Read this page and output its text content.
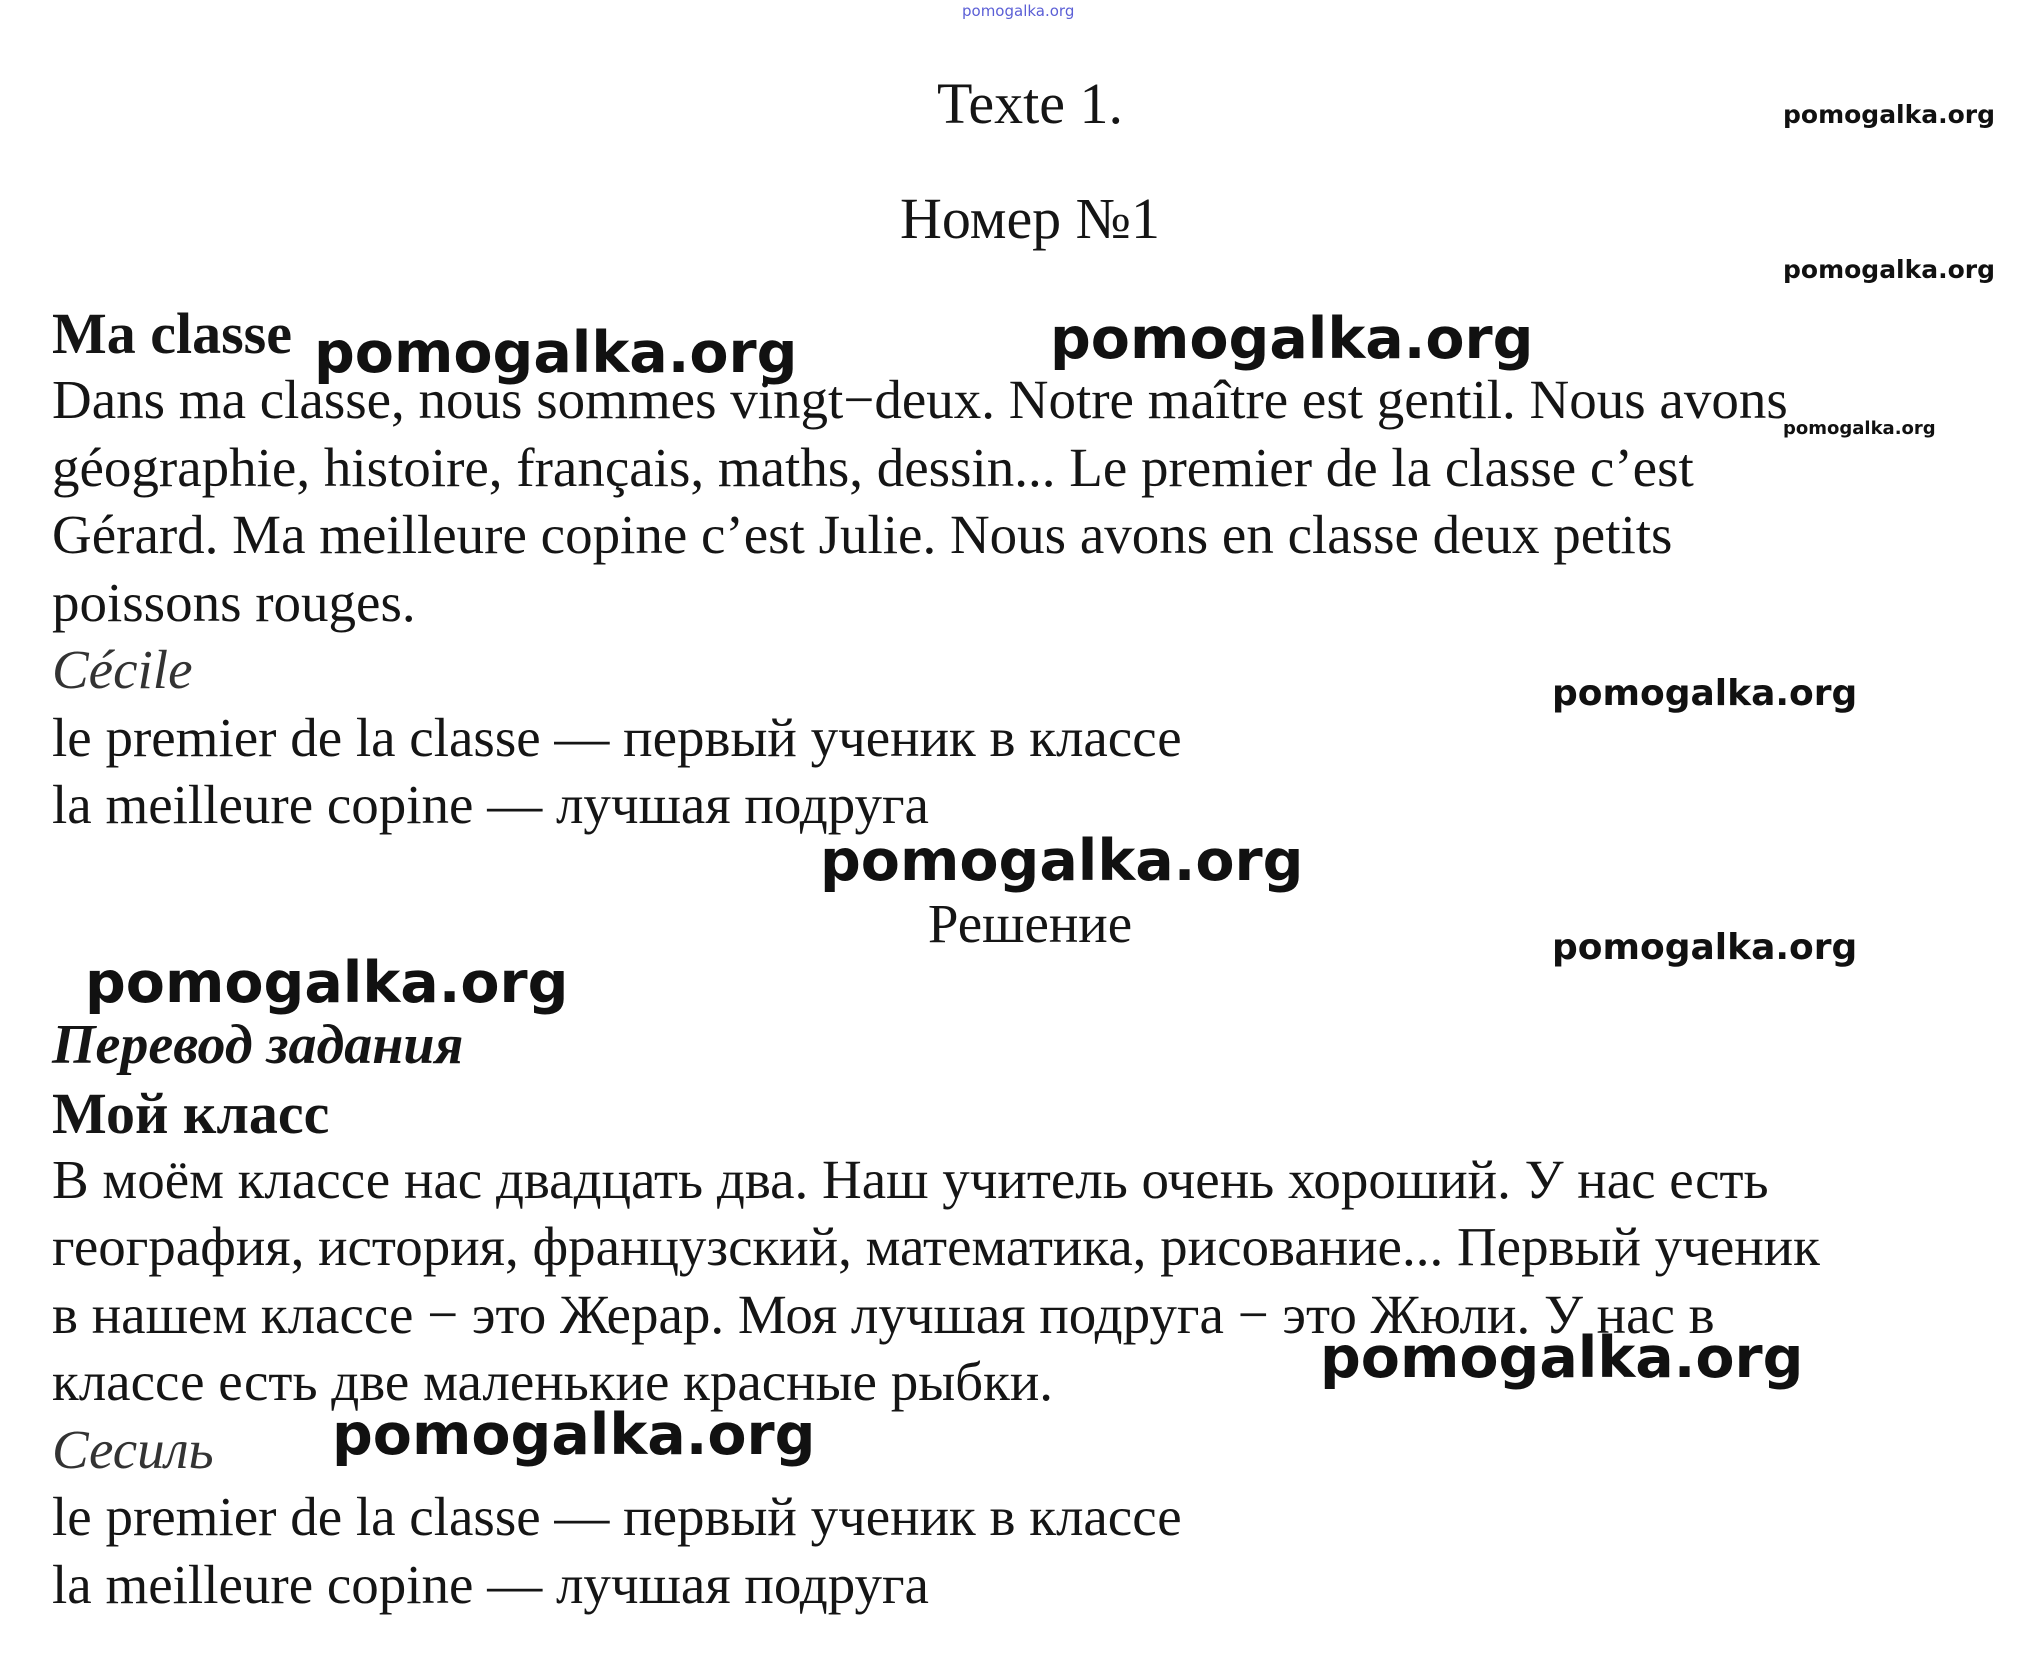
pomogalka.org
Texte 1.
Номер №1
Ma classe
Dans ma classe, nous sommes vingt−deux. Notre maître est gentil. Nous avons
géographie, histoire, français, maths, dessin... Le premier de la classe c’est
Gérard. Ma meilleure copine c’est Julie. Nous avons en classe deux petits
poissons rouges.
Cécile
le premier de la classe — первый ученик в классе
la meilleure copine — лучшая подруга
Решение
Перевод задания
Мой класс
В моём классе нас двадцать два. Наш учитель очень хороший. У нас есть
география, история, французский, математика, рисование... Первый ученик
в нашем классе − это Жерар. Моя лучшая подруга − это Жюли. У нас в
классе есть две маленькие красные рыбки.
Сесиль
le premier de la classe — первый ученик в классе
la meilleure copine — лучшая подруга
pomogalka.org
pomogalka.org
pomogalka.org	pomogalka.org
pomogalka.org
pomogalka.org
pomogalka.org
pomogalka.org
pomogalka.org
pomogalka.org
pomogalka.org
